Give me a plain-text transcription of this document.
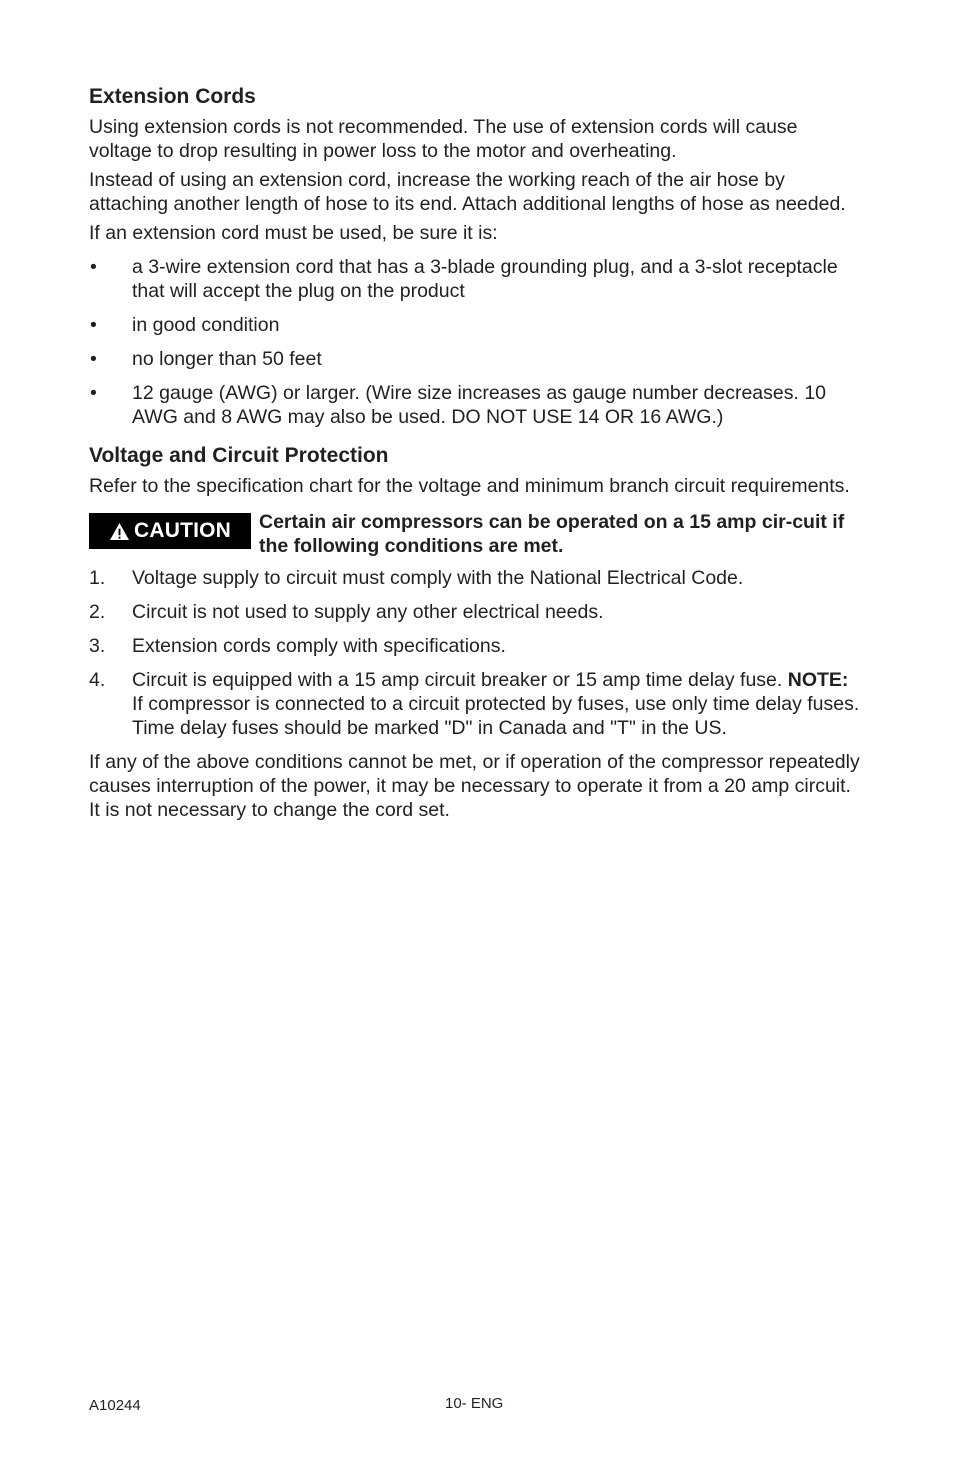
Extension Cords

Using extension cords is not recommended. The use of extension cords will cause voltage to drop resulting in power loss to the motor and overheating.

Instead of using an extension cord, increase the working reach of the air hose by attaching another length of hose to its end. Attach additional lengths of hose as needed.

If an extension cord must be used, be sure it is:

• a 3-wire extension cord that has a 3-blade grounding plug, and a 3-slot receptacle that will accept the plug on the product
• in good condition
• no longer than 50 feet
• 12 gauge (AWG) or larger. (Wire size increases as gauge number decreases. 10 AWG and 8 AWG may also be used. DO NOT USE 14 OR 16 AWG.)
Voltage and Circuit Protection

Refer to the specification chart for the voltage and minimum branch circuit requirements.

CAUTION Certain air compressors can be operated on a 15 amp cir-cuit if the following conditions are met.
1. Voltage supply to circuit must comply with the National Electrical Code.
2. Circuit is not used to supply any other electrical needs.
3. Extension cords comply with specifications.
4. Circuit is equipped with a 15 amp circuit breaker or 15 amp time delay fuse. NOTE: If compressor is connected to a circuit protected by fuses, use only time delay fuses. Time delay fuses should be marked "D" in Canada and "T" in the US.

If any of the above conditions cannot be met, or if operation of the compressor repeatedly causes interruption of the power, it may be necessary to operate it from a 20 amp circuit. It is not necessary to change the cord set.

A10244	10- ENG
